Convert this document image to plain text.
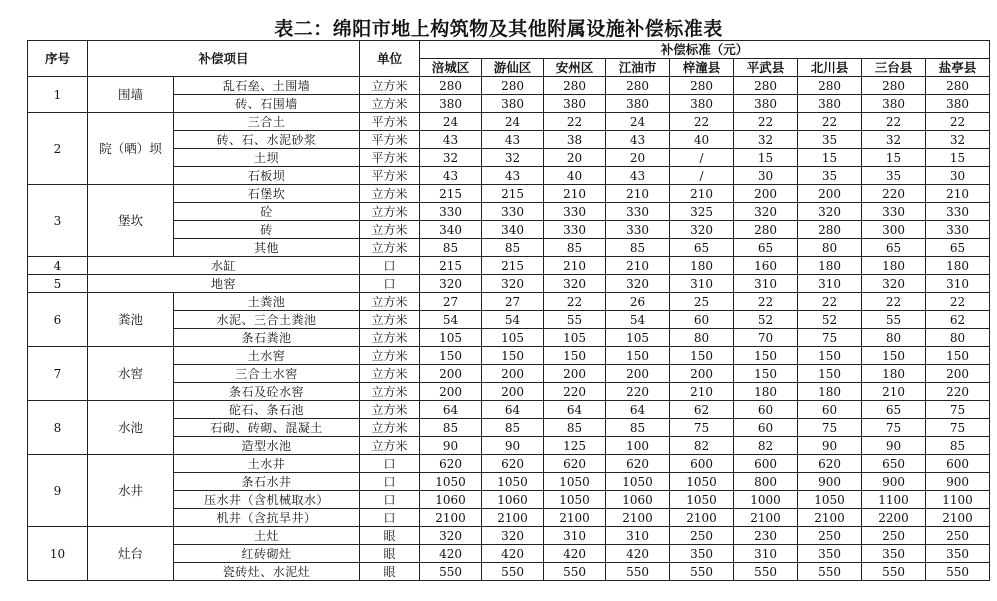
表二：绵阳市地上构筑物及其他附属设施补偿标准表
序号	补偿项目		单位	补偿标准（元）								
				涪城区	游仙区	安州区	江油市	梓潼县	平武县	北川县	三台县	盐亭县
1	围墙	乱石垒、土围墙	立方米	280	280	280	280	280	280	280	280	280
		砖、石围墙	立方米	380	380	380	380	380	380	380	380	380
2	院（晒）坝	三合土	平方米	24	24	22	24	22	22	22	22	22
		砖、石、水泥砂浆	平方米	43	43	38	43	40	32	35	32	32
		土坝	平方米	32	32	20	20	/	15	15	15	15
		石板坝	平方米	43	43	40	43	/	30	35	35	30
3	堡坎	石堡坎	立方米	215	215	210	210	210	200	200	220	210
		砼	立方米	330	330	330	330	325	320	320	330	330
		砖	立方米	340	340	330	330	320	280	280	300	330
		其他	立方米	85	85	85	85	65	65	80	65	65
4	水缸		口	215	215	210	210	180	160	180	180	180
5	地窖		口	320	320	320	320	310	310	310	320	310
6	粪池	土粪池	立方米	27	27	22	26	25	22	22	22	22
		水泥、三合土粪池	立方米	54	54	55	54	60	52	52	55	62
		条石粪池	立方米	105	105	105	105	80	70	75	80	80
7	水窖	土水窖	立方米	150	150	150	150	150	150	150	150	150
		三合土水窖	立方米	200	200	200	200	200	150	150	180	200
		条石及砼水窖	立方米	200	200	220	220	210	180	180	210	220
8	水池	砣石、条石池	立方米	64	64	64	64	62	60	60	65	75
		石砌、砖砌、混凝土	立方米	85	85	85	85	75	60	75	75	75
		造型水池	立方米	90	90	125	100	82	82	90	90	85
9	水井	土水井	口	620	620	620	620	600	600	620	650	600
		条石水井	口	1050	1050	1050	1050	1050	800	900	900	900
		压水井（含机械取水）	口	1060	1060	1050	1060	1050	1000	1050	1100	1100
		机井（含抗旱井）	口	2100	2100	2100	2100	2100	2100	2100	2200	2100
10	灶台	土灶	眼	320	320	310	310	250	230	250	250	250
		红砖砌灶	眼	420	420	420	420	350	310	350	350	350
		瓷砖灶、水泥灶	眼	550	550	550	550	550	550	550	550	550
